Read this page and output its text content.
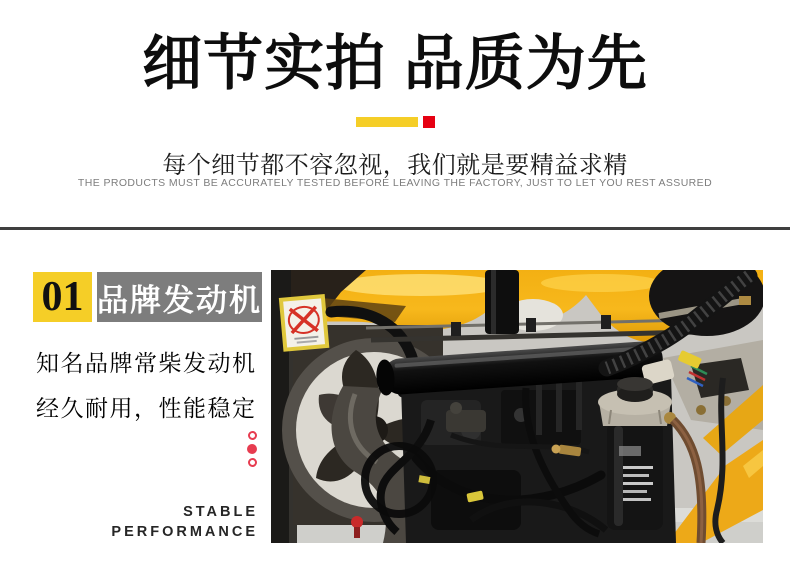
细节实拍 品质为先
每个细节都不容忽视，我们就是要精益求精
THE PRODUCTS MUST BE ACCURATELY TESTED BEFORE LEAVING THE FACTORY, JUST TO LET YOU REST ASSURED
01 品牌发动机
知名品牌常柴发动机
经久耐用，性能稳定
STABLE
PERFORMANCE
